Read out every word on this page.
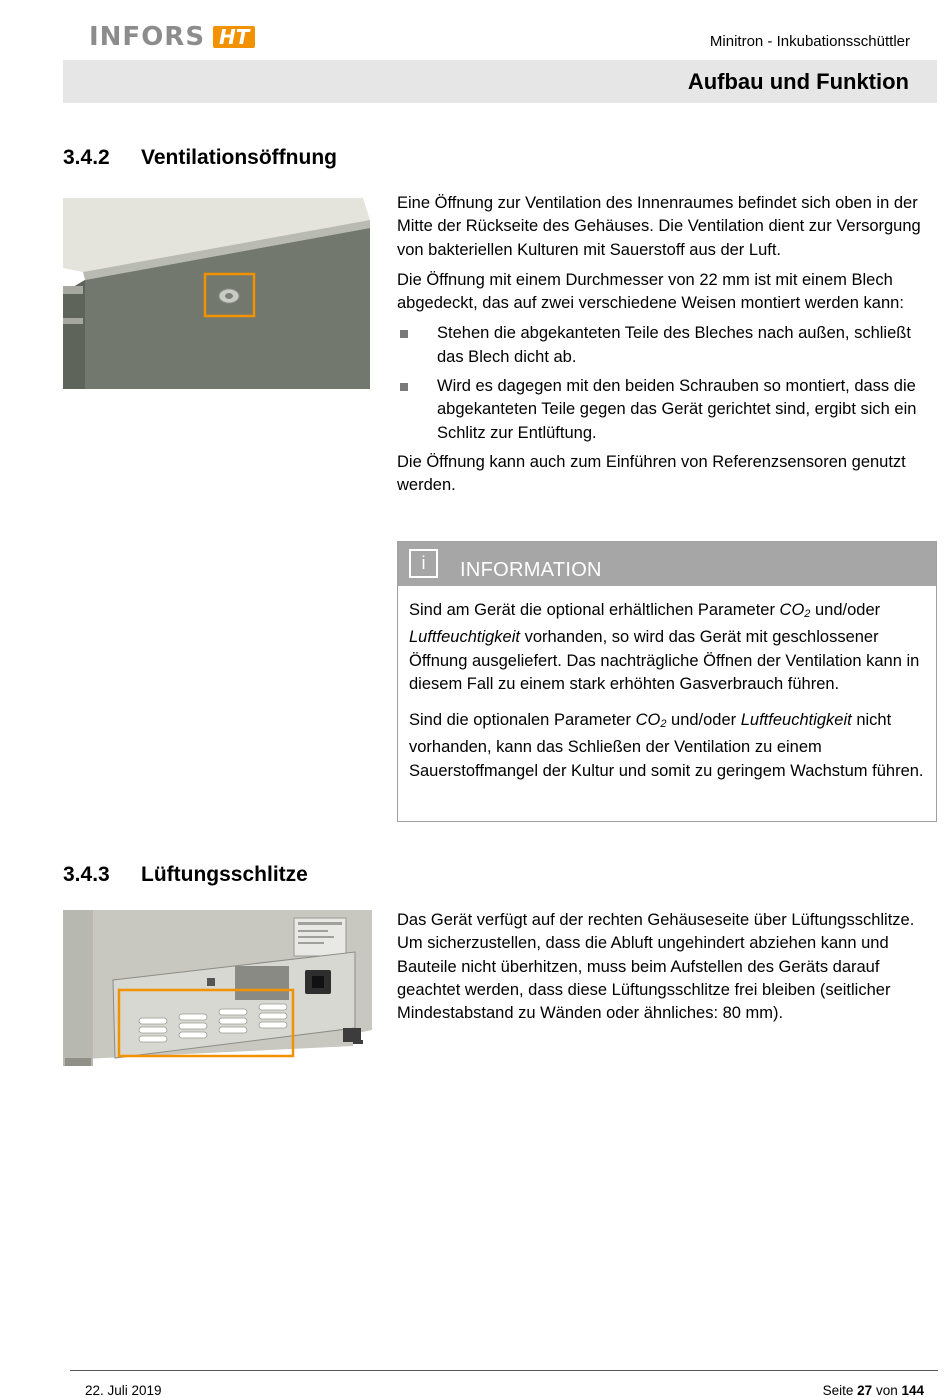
INFORS HT	Minitron - Inkubationsschüttler
Aufbau und Funktion
3.4.2 Ventilationsöffnung

Eine Öffnung zur Ventilation des Innenraumes befindet sich oben in der Mitte der Rückseite des Gehäuses. Die Ventilation dient zur Versorgung von bakteriellen Kulturen mit Sauerstoff aus der Luft.

Die Öffnung mit einem Durchmesser von 22 mm ist mit einem Blech abgedeckt, das auf zwei verschiedene Weisen montiert werden kann:

Stehen die abgekanteten Teile des Bleches nach außen, schließt das Blech dicht ab.
Wird es dagegen mit den beiden Schrauben so montiert, dass die abgekanteten Teile gegen das Gerät gerichtet sind, ergibt sich ein Schlitz zur Entlüftung.

Die Öffnung kann auch zum Einführen von Referenzsensoren genutzt werden.

i	INFORMATION

Sind am Gerät die optional erhältlichen Parameter $CO_2$ und/oder Luftfeuchtigkeit vorhanden, so wird das Gerät mit geschlossener Öffnung ausgeliefert. Das nachträgliche Öffnen der Ventilation kann in diesem Fall zu einem stark erhöhten Gasverbrauch führen.

Sind die optionalen Parameter $CO_2$ und/oder Luftfeuchtigkeit nicht vorhanden, kann das Schließen der Ventilation zu einem Sauerstoffmangel der Kultur und somit zu geringem Wachstum führen.

3.4.3 Lüftungsschlitze

Das Gerät verfügt auf der rechten Gehäuseseite über Lüftungsschlitze. Um sicherzustellen, dass die Abluft ungehindert abziehen kann und Bauteile nicht überhitzen, muss beim Aufstellen des Geräts darauf geachtet werden, dass diese Lüftungsschlitze frei bleiben (seitlicher Mindestabstand zu Wänden oder ähnliches: 80 mm).

22. Juli 2019	Seite 27 von 144
